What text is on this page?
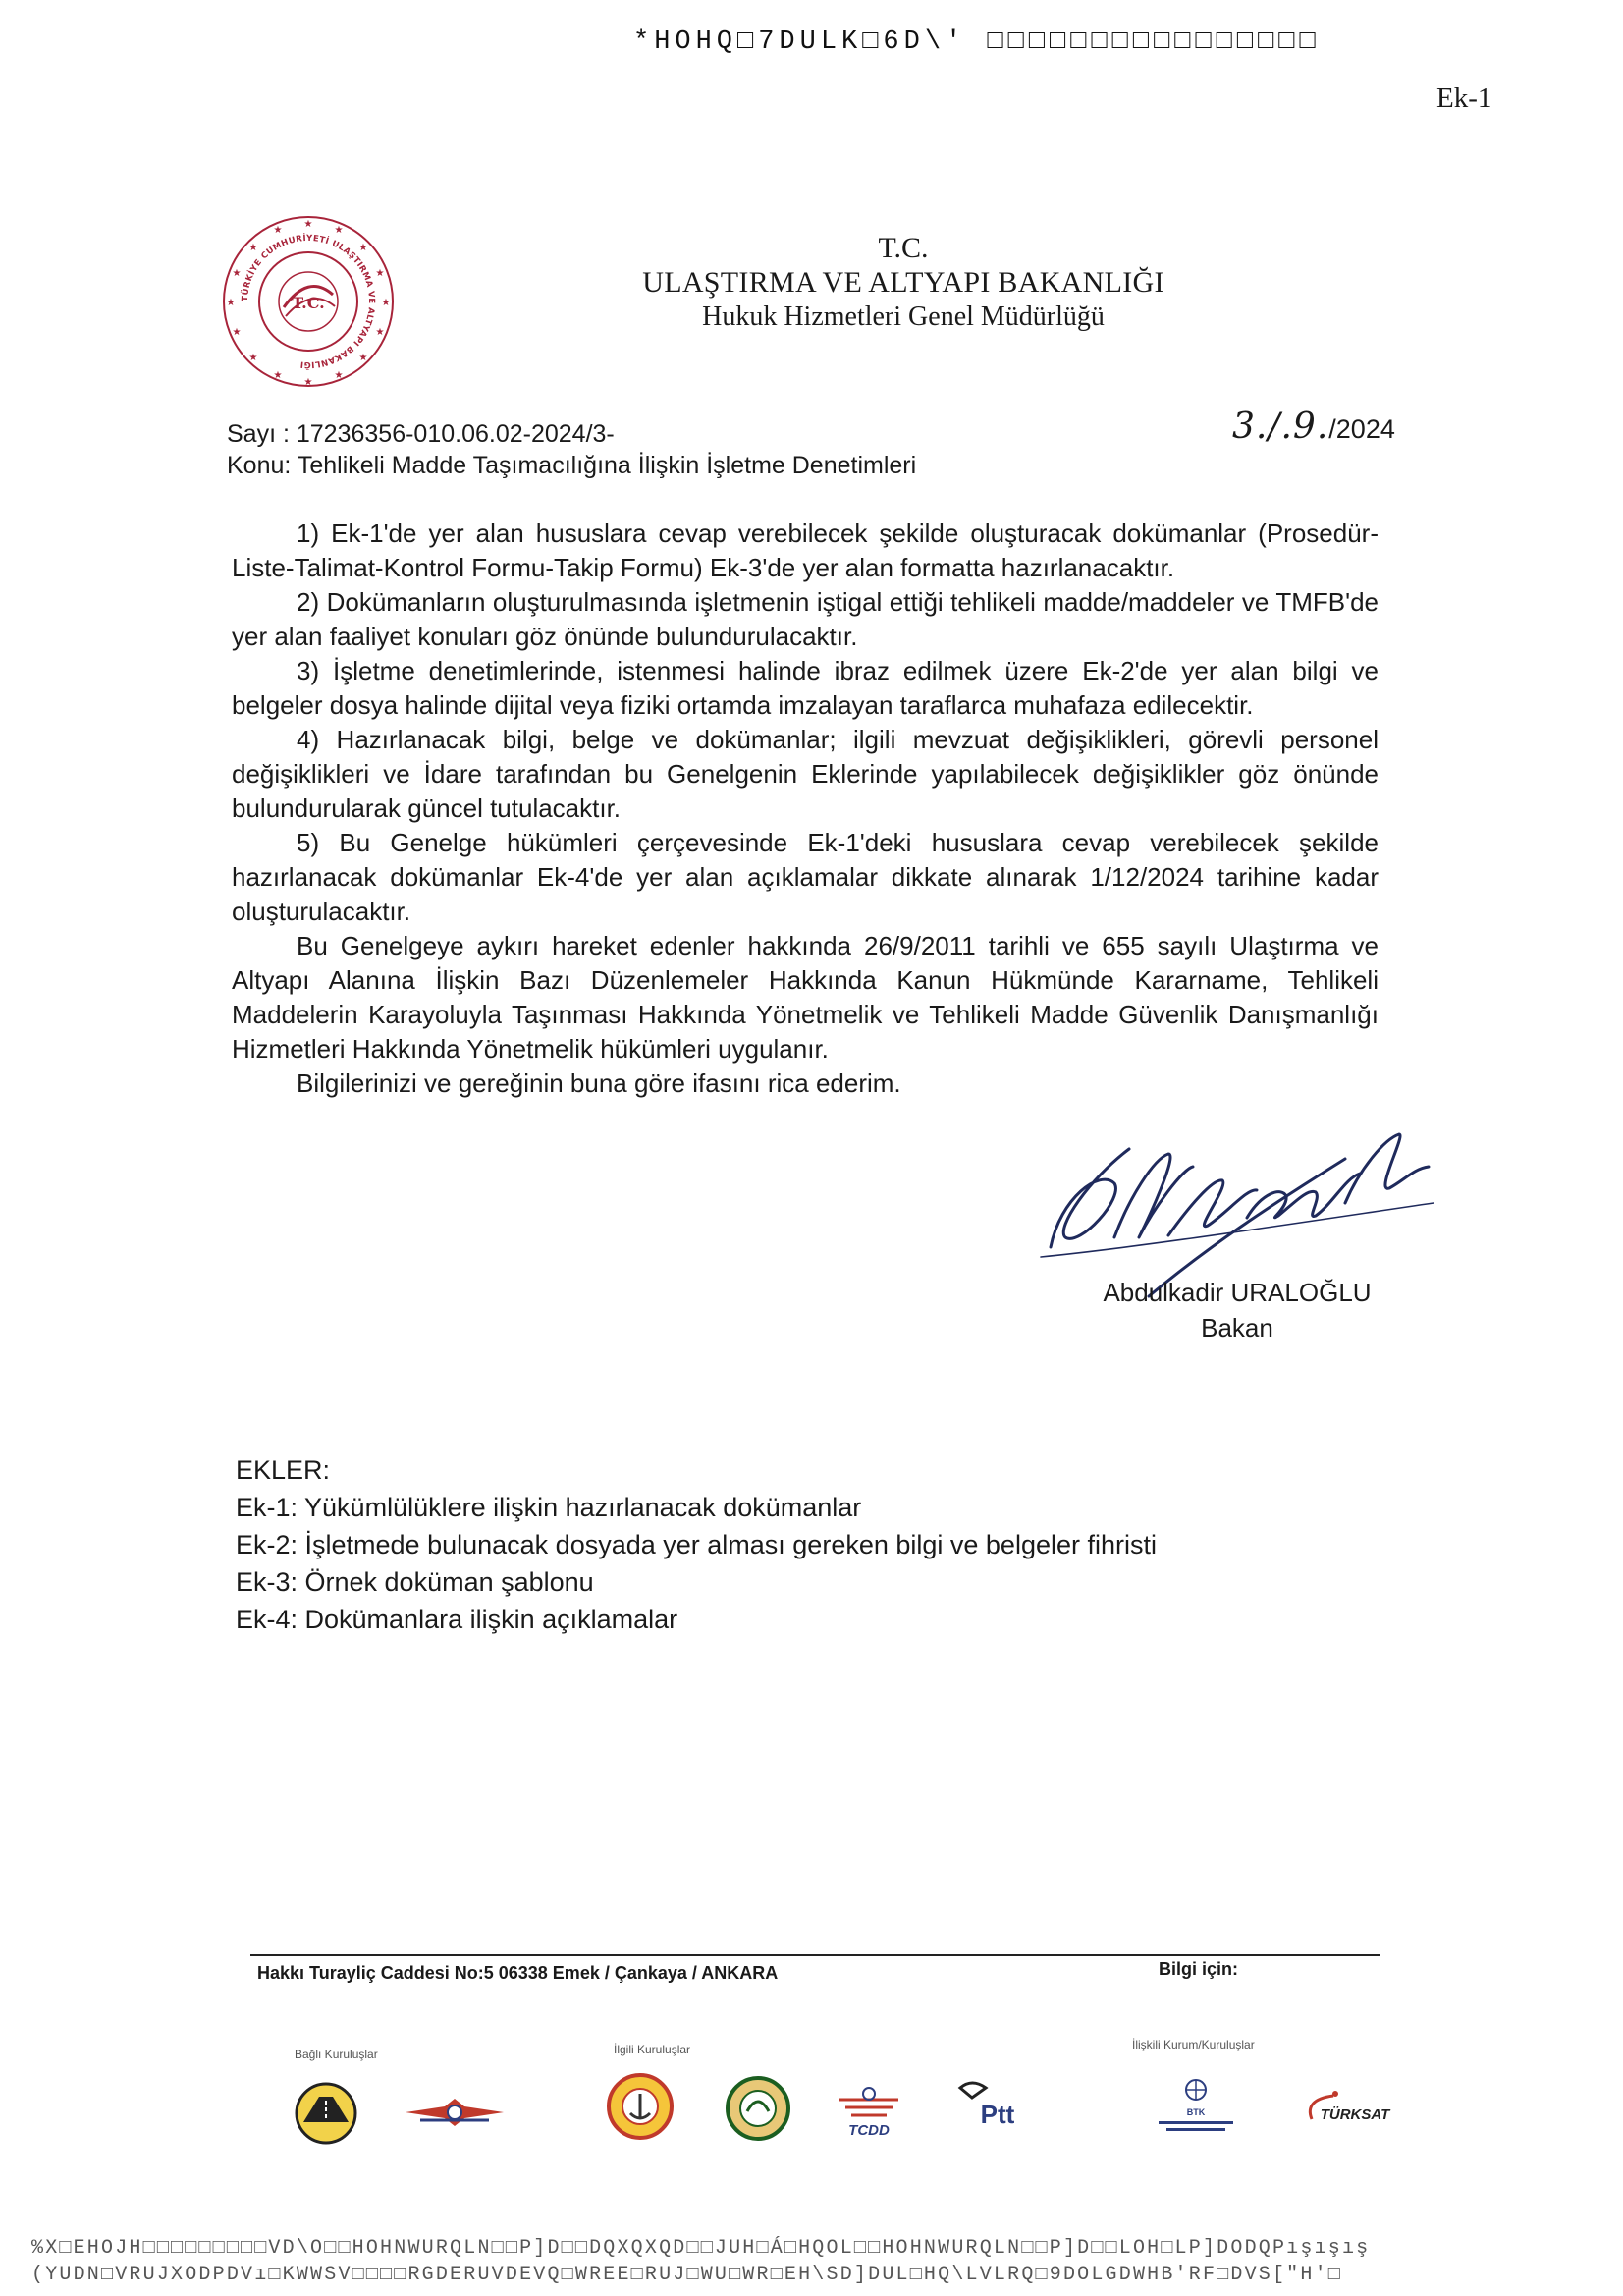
*HOHQ□7DULK□6D\' □□□□□□□□□□□□□□□□
Ek-1
★
★
★
★
★
★
★
★
★
★
★
★
★
★
★
★
TÜRKİYE CUMHURİYETİ ULAŞTIRMA VE ALTYAPI BAKANLIĞI
T.C.
T.C.
ULAŞTIRMA VE ALTYAPI BAKANLIĞI
Hukuk Hizmetleri Genel Müdürlüğü
3./.9./2024
Sayı : 17236356-010.06.02-2024/3-
Konu: Tehlikeli Madde Taşımacılığına İlişkin İşletme Denetimleri

1) Ek-1'de yer alan hususlara cevap verebilecek şekilde oluşturacak dokümanlar (Prosedür-Liste-Talimat-Kontrol Formu-Takip Formu) Ek-3'de yer alan formatta hazırlanacaktır.

2) Dokümanların oluşturulmasında işletmenin iştigal ettiği tehlikeli madde/maddeler ve TMFB'de yer alan faaliyet konuları göz önünde bulundurulacaktır.

3) İşletme denetimlerinde, istenmesi halinde ibraz edilmek üzere Ek-2'de yer alan bilgi ve belgeler dosya halinde dijital veya fiziki ortamda imzalayan taraflarca muhafaza edilecektir.

4) Hazırlanacak bilgi, belge ve dokümanlar; ilgili mevzuat değişiklikleri, görevli personel değişiklikleri ve İdare tarafından bu Genelgenin Eklerinde yapılabilecek değişiklikler göz önünde bulundurularak güncel tutulacaktır.

5) Bu Genelge hükümleri çerçevesinde Ek-1'deki hususlara cevap verebilecek şekilde hazırlanacak dokümanlar Ek-4'de yer alan açıklamalar dikkate alınarak 1/12/2024 tarihine kadar oluşturulacaktır.

Bu Genelgeye aykırı hareket edenler hakkında 26/9/2011 tarihli ve 655 sayılı Ulaştırma ve Altyapı Alanına İlişkin Bazı Düzenlemeler Hakkında Kanun Hükmünde Kararname, Tehlikeli Maddelerin Karayoluyla Taşınması Hakkında Yönetmelik ve Tehlikeli Madde Güvenlik Danışmanlığı Hizmetleri Hakkında Yönetmelik hükümleri uygulanır.

Bilgilerinizi ve gereğinin buna göre ifasını rica ederim.

Abdulkadir URALOĞLU
Bakan
EKLER:
Ek-1: Yükümlülüklere ilişkin hazırlanacak dokümanlar
Ek-2: İşletmede bulunacak dosyada yer alması gereken bilgi ve belgeler fihristi
Ek-3: Örnek doküman şablonu
Ek-4: Dokümanlara ilişkin açıklamalar
Hakkı Turayliç Caddesi No:5 06338 Emek / Çankaya / ANKARA	Bilgi için:
Bağlı Kuruluşlar	İlgili Kuruluşlar	İlişkili Kurum/Kuruluşlar
TCDD
Ptt	BTK	TÜRKSAT
%X□EHOJH□□□□□□□□□VD\O□□HOHNWURQLN□□P]D□□DQXQXQD□□JUH□Á□HQOL□□HOHNWURQLN□□P]D□□LOH□LP]DODQPışışış
(YUDN□VRUJXODPDVı□KWWSV□□□□RGDERUVDEVQ□WREE□RUJ□WU□WR□EH\SD]DUL□HQ\LVLRQ□9DOLGDWHB'RF□DVS["H'□
